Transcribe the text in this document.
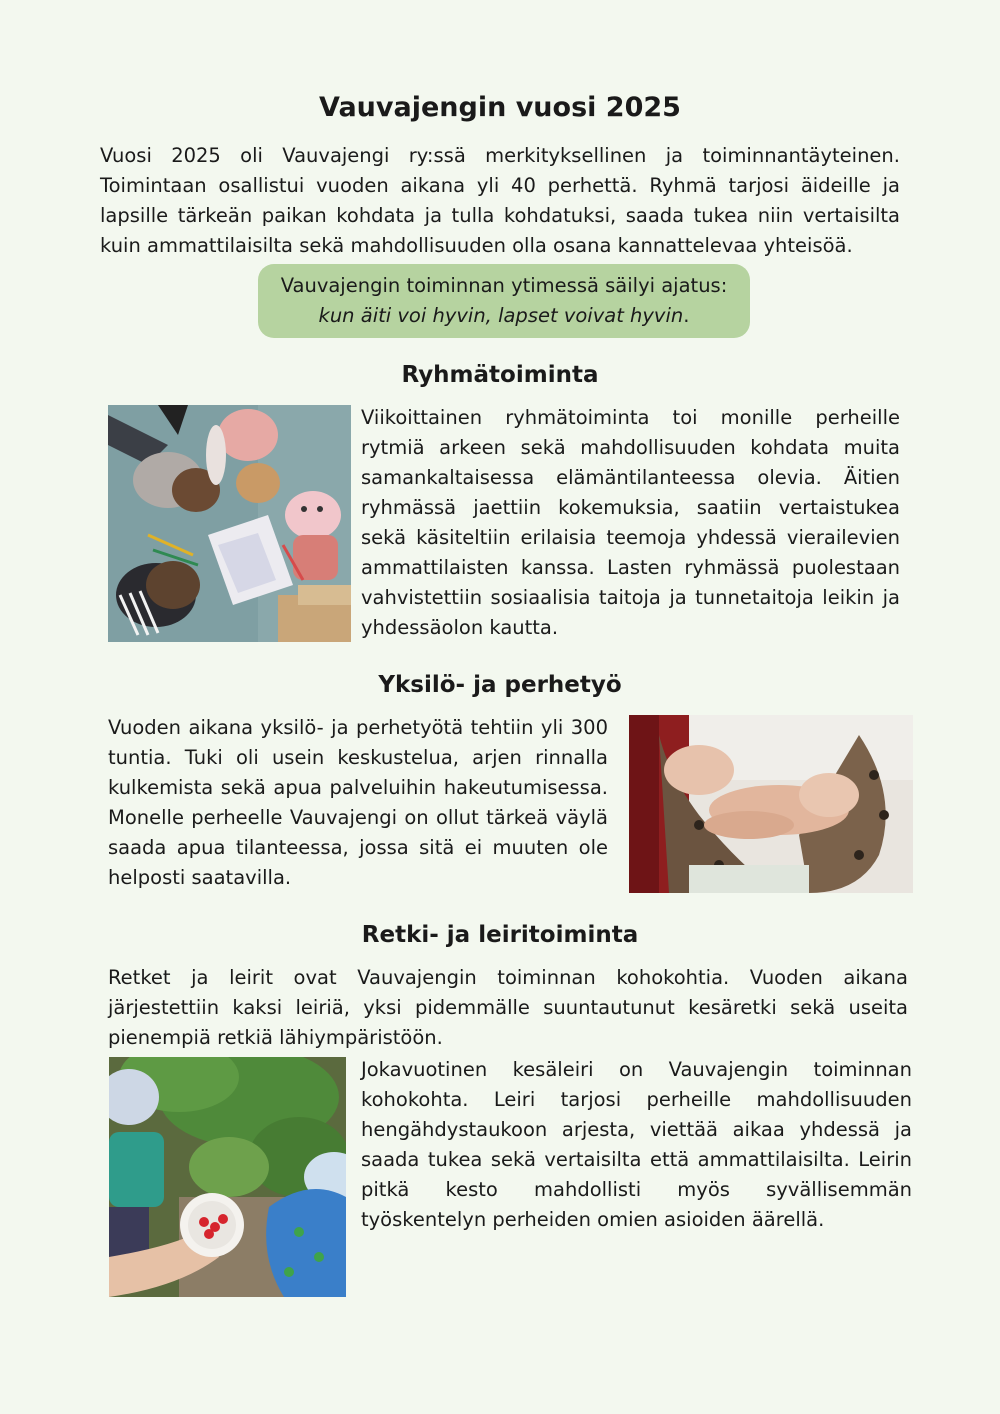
Vauvajengin vuosi 2025

Vuosi 2025 oli Vauvajengi ry:ssä merkityksellinen ja toiminnantäyteinen. Toimintaan osallistui vuoden aikana yli 40 perhettä. Ryhmä tarjosi äideille ja lapsille tärkeän paikan kohdata ja tulla kohdatuksi, saada tukea niin vertaisilta kuin ammattilaisilta sekä mahdollisuuden olla osana kannattelevaa yhteisöä.

Vauvajengin toiminnan ytimessä säilyi ajatus:
kun äiti voi hyvin, lapset voivat hyvin.
Ryhmätoiminta

Viikoittainen ryhmätoiminta toi monille perheille rytmiä arkeen sekä mahdollisuuden kohdata muita samankaltaisessa elämäntilanteessa olevia. Äitien ryhmässä jaettiin kokemuksia, saatiin vertaistukea sekä käsiteltiin erilaisia teemoja yhdessä vierailevien ammattilaisten kanssa. Lasten ryhmässä puolestaan vahvistettiin sosiaalisia taitoja ja tunnetaitoja leikin ja yhdessäolon kautta.

Yksilö- ja perhetyö

Vuoden aikana yksilö- ja perhetyötä tehtiin yli 300 tuntia. Tuki oli usein keskustelua, arjen rinnalla kulkemista sekä apua palveluihin hakeutumisessa. Monelle perheelle Vauvajengi on ollut tärkeä väylä saada apua tilanteessa, jossa sitä ei muuten ole helposti saatavilla.

Retki- ja leiritoiminta

Retket ja leirit ovat Vauvajengin toiminnan kohokohtia. Vuoden aikana järjestettiin kaksi leiriä, yksi pidemmälle suuntautunut kesäretki sekä useita pienempiä retkiä lähiympäristöön.

Jokavuotinen kesäleiri on Vauvajengin toiminnan kohokohta. Leiri tarjosi perheille mahdollisuuden hengähdystaukoon arjesta, viettää aikaa yhdessä ja saada tukea sekä vertaisilta että ammattilaisilta. Leirin pitkä kesto mahdollisti myös syvällisemmän työskentelyn perheiden omien asioiden äärellä.
